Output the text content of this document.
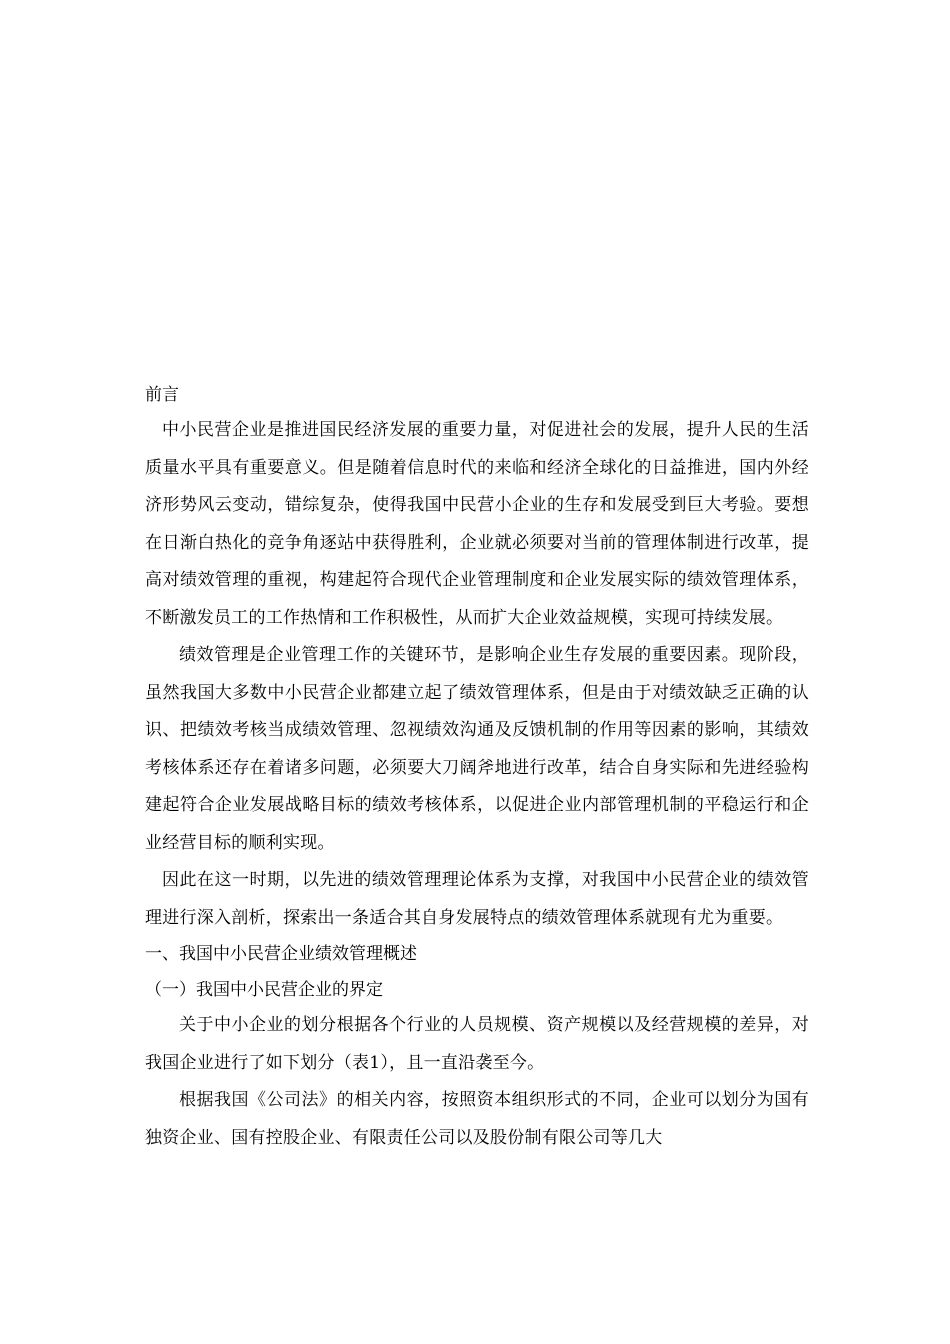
前言

中小民营企业是推进国民经济发展的重要力量，对促进社会的发展，提升人民的生活质量水平具有重要意义。但是随着信息时代的来临和经济全球化的日益推进，国内外经济形势风云变动，错综复杂，使得我国中民营小企业的生存和发展受到巨大考验。要想在日渐白热化的竞争角逐站中获得胜利，企业就必须要对当前的管理体制进行改革，提高对绩效管理的重视，构建起符合现代企业管理制度和企业发展实际的绩效管理体系，不断激发员工的工作热情和工作积极性，从而扩大企业效益规模，实现可持续发展。

绩效管理是企业管理工作的关键环节，是影响企业生存发展的重要因素。现阶段，虽然我国大多数中小民营企业都建立起了绩效管理体系，但是由于对绩效缺乏正确的认识、把绩效考核当成绩效管理、忽视绩效沟通及反馈机制的作用等因素的影响，其绩效考核体系还存在着诸多问题，必须要大刀阔斧地进行改革，结合自身实际和先进经验构建起符合企业发展战略目标的绩效考核体系，以促进企业内部管理机制的平稳运行和企业经营目标的顺利实现。

因此在这一时期，以先进的绩效管理理论体系为支撑，对我国中小民营企业的绩效管理进行深入剖析，探索出一条适合其自身发展特点的绩效管理体系就现有尤为重要。

一、我国中小民营企业绩效管理概述

（一）我国中小民营企业的界定

关于中小企业的划分根据各个行业的人员规模、资产规模以及经营规模的差异，对我国企业进行了如下划分（表1），且一直沿袭至今。

根据我国《公司法》的相关内容，按照资本组织形式的不同，企业可以划分为国有独资企业、国有控股企业、有限责任公司以及股份制有限公司等几大
